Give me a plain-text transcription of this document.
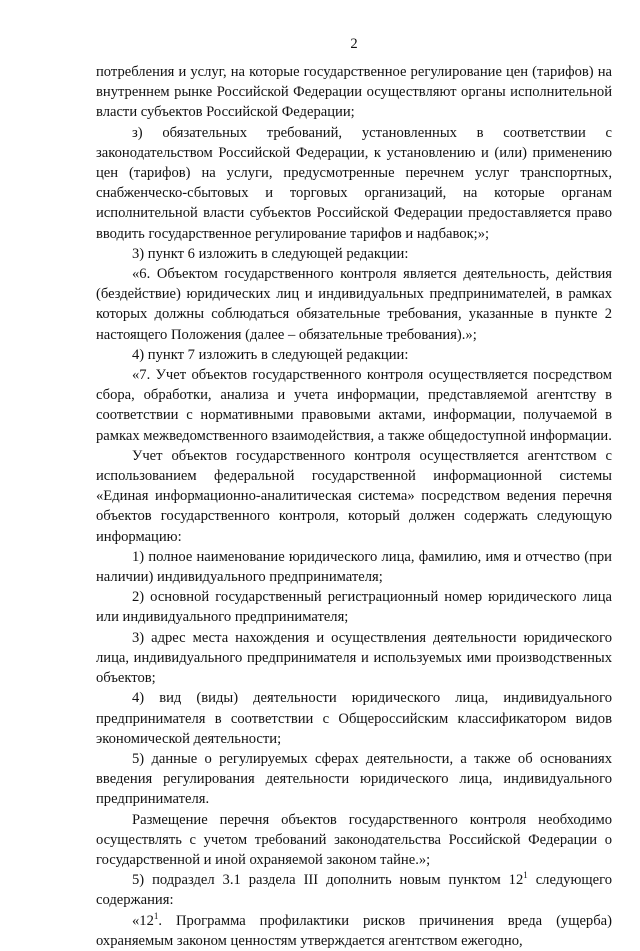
2

потребления и услуг, на которые государственное регулирование цен (тарифов) на внутреннем рынке Российской Федерации осуществляют органы исполнительной власти субъектов Российской Федерации;

з) обязательных требований, установленных в соответствии с законодательством Российской Федерации, к установлению и (или) применению цен (тарифов) на услуги, предусмотренные перечнем услуг транспортных, снабженческо-сбытовых и торговых организаций, на которые органам исполнительной власти субъектов Российской Федерации предоставляется право вводить государственное регулирование тарифов и надбавок;»;

3) пункт 6 изложить в следующей редакции:

«6. Объектом государственного контроля является деятельность, действия (бездействие) юридических лиц и индивидуальных предпринимателей, в рамках которых должны соблюдаться обязательные требования, указанные в пункте 2 настоящего Положения (далее – обязательные требования).»;

4) пункт 7 изложить в следующей редакции:

«7. Учет объектов государственного контроля осуществляется посредством сбора, обработки, анализа и учета информации, представляемой агентству в соответствии с нормативными правовыми актами, информации, получаемой в рамках межведомственного взаимодействия, а также общедоступной информации.

Учет объектов государственного контроля осуществляется агентством с использованием федеральной государственной информационной системы «Единая информационно-аналитическая система» посредством ведения перечня объектов государственного контроля, который должен содержать следующую информацию:

1) полное наименование юридического лица, фамилию, имя и отчество (при наличии) индивидуального предпринимателя;

2) основной государственный регистрационный номер юридического лица или индивидуального предпринимателя;

3) адрес места нахождения и осуществления деятельности юридического лица, индивидуального предпринимателя и используемых ими производственных объектов;

4) вид (виды) деятельности юридического лица, индивидуального предпринимателя в соответствии с Общероссийским классификатором видов экономической деятельности;

5) данные о регулируемых сферах деятельности, а также об основаниях введения регулирования деятельности юридического лица, индивидуального предпринимателя.

Размещение перечня объектов государственного контроля необходимо осуществлять с учетом требований законодательства Российской Федерации о государственной и иной охраняемой законом тайне.»;

5) подраздел 3.1 раздела III дополнить новым пунктом $12^1$ следующего содержания:

«$12^1$. Программа профилактики рисков причинения вреда (ущерба) охраняемым законом ценностям утверждается агентством ежегодно,
